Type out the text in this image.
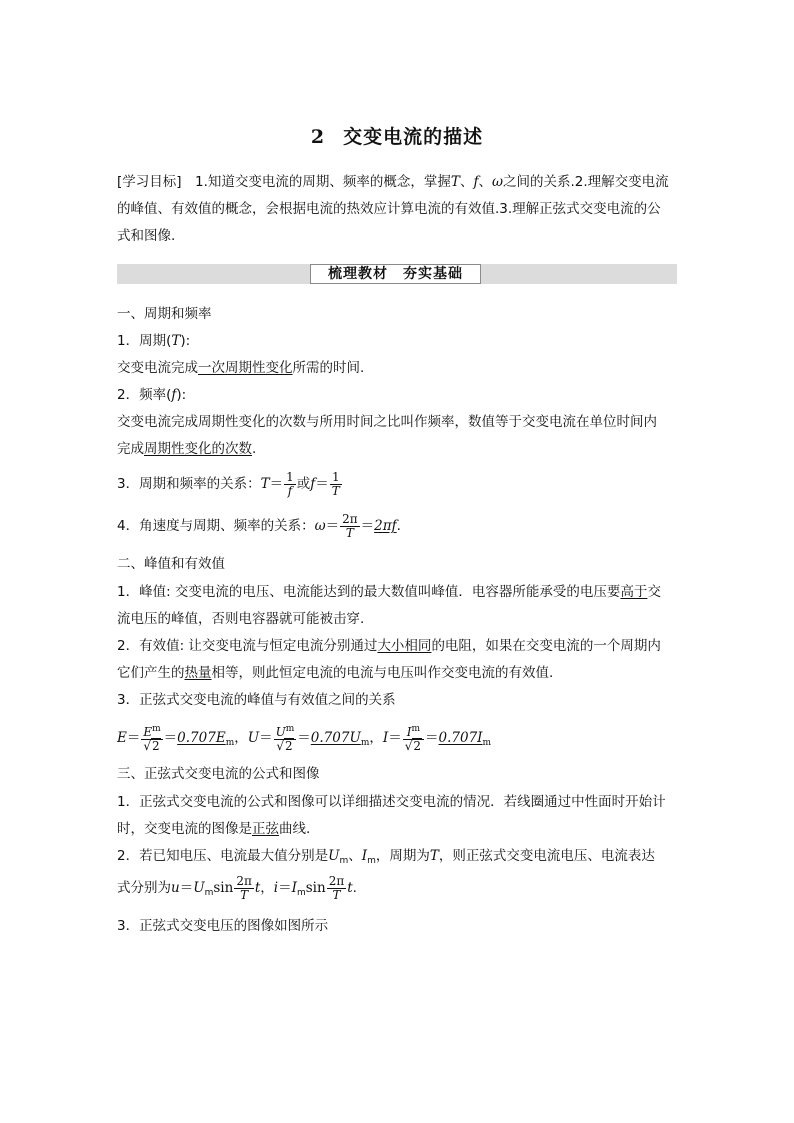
2 交变电流的描述
[学习目标]　1.知道交变电流的周期、频率的概念，掌握T、f、ω之间的关系.2.理解交变电流
的峰值、有效值的概念，会根据电流的热效应计算电流的有效值.3.理解正弦式交变电流的公
式和图像.
梳理教材　夯实基础
一、周期和频率
1．周期(T):
交变电流完成一次周期性变化所需的时间.
2．频率(f):
交变电流完成周期性变化的次数与所用时间之比叫作频率，数值等于交变电流在单位时间内
完成周期性变化的次数.
3．周期和频率的关系：$T= \frac{1}{f}$ 或$f= \frac{1}{T}$
4．角速度与周期、频率的关系：$\omega= \frac{2\pi}{T} =2\pi f$.
二、峰值和有效值
1．峰值: 交变电流的电压、电流能达到的最大数值叫峰值．电容器所能承受的电压要高于交
流电压的峰值，否则电容器就可能被击穿.
2．有效值: 让交变电流与恒定电流分别通过大小相同的电阻，如果在交变电流的一个周期内
它们产生的热量相等，则此恒定电流的电流与电压叫作交变电流的有效值.
3．正弦式交变电流的峰值与有效值之间的关系
$E= \frac{E^m}{√2} =0.707E_m$，$U= \frac{U^m}{√2} =0.707U_m$，$I= \frac{I^m}{√2} =0.707I_m$
三、正弦式交变电流的公式和图像
1．正弦式交变电流的公式和图像可以详细描述交变电流的情况．若线圈通过中性面时开始计
时，交变电流的图像是正弦曲线.
2．若已知电压、电流最大值分别是$U_m$、$I_m$，周期为T，则正弦式交变电流电压、电流表达
式分别为$u=U_m\sin \frac{2\pi}{T}$ t，$i=I_m\sin \frac{2\pi}{T} t$.
3．正弦式交变电压的图像如图所示
